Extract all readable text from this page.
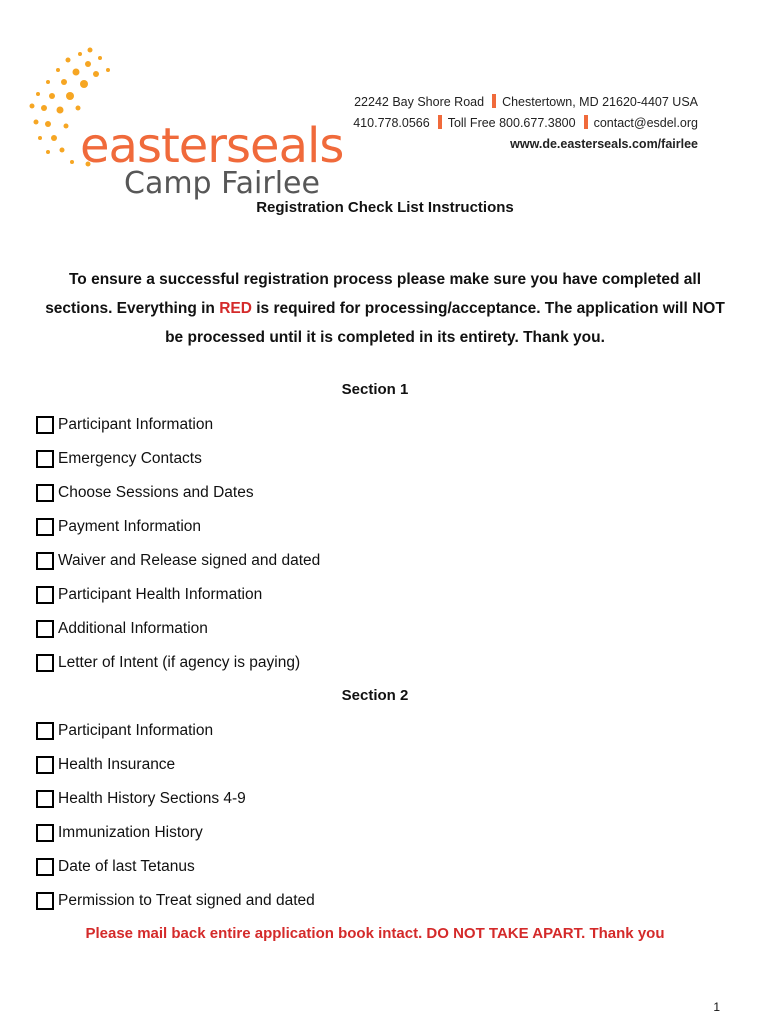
easterseals
Camp Fairlee
22242 Bay Shore Road Chestertown, MD 21620-4407 USA
410.778.0566 Toll Free 800.677.3800 contact@esdel.org
www.de.easterseals.com/fairlee
Registration Check List Instructions
To ensure a successful registration process please make sure you have completed all sections. Everything in RED is required for processing/acceptance. The application will NOT be processed until it is completed in its entirety. Thank you.
Section 1
Participant Information
Emergency Contacts
Choose Sessions and Dates
Payment Information
Waiver and Release signed and dated
Participant Health Information
Additional Information
Letter of Intent (if agency is paying)
Section 2
Participant Information
Health Insurance
Health History Sections 4-9
Immunization History
Date of last Tetanus
Permission to Treat signed and dated
Please mail back entire application book intact. DO NOT TAKE APART. Thank you
1
